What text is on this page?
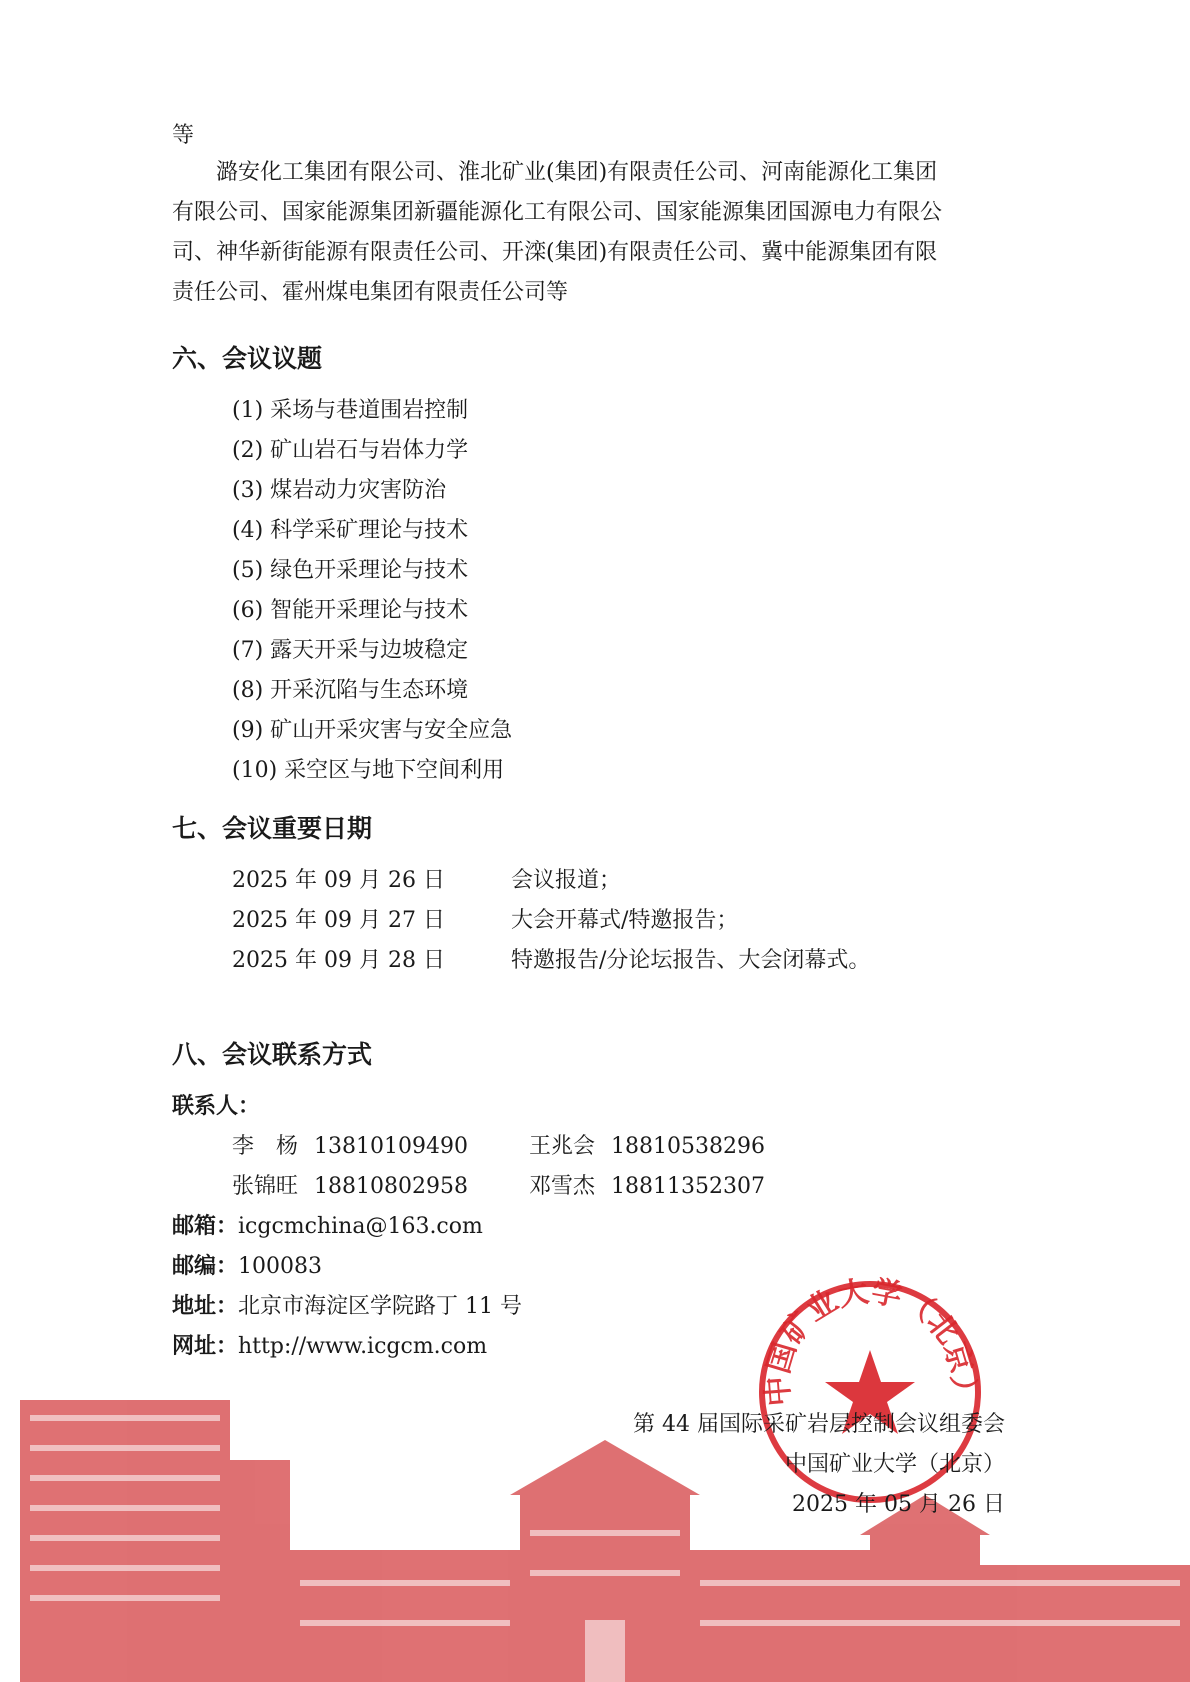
等
潞安化工集团有限公司、淮北矿业(集团)有限责任公司、河南能源化工集团
有限公司、国家能源集团新疆能源化工有限公司、国家能源集团国源电力有限公
司、神华新街能源有限责任公司、开滦(集团)有限责任公司、冀中能源集团有限
责任公司、霍州煤电集团有限责任公司等
六、会议议题
(1) 采场与巷道围岩控制
(2) 矿山岩石与岩体力学
(3) 煤岩动力灾害防治
(4) 科学采矿理论与技术
(5) 绿色开采理论与技术
(6) 智能开采理论与技术
(7) 露天开采与边坡稳定
(8) 开采沉陷与生态环境
(9) 矿山开采灾害与安全应急
(10) 采空区与地下空间利用
七、会议重要日期
2025 年 09 月 26 日	会议报道；
2025 年 09 月 27 日	大会开幕式/特邀报告；
2025 年 09 月 28 日	特邀报告/分论坛报告、大会闭幕式。
八、会议联系方式
联系人：
李　杨 13810109490	王兆会 18810538296
张锦旺 18810802958	邓雪杰 18811352307
邮箱：icgcmchina@163.com
邮编：100083
地址：北京市海淀区学院路丁 11 号
网址：http://www.icgcm.com
中国矿业大学（北京）
第 44 届国际采矿岩层控制会议组委会
中国矿业大学（北京）
2025 年 05 月 26 日
